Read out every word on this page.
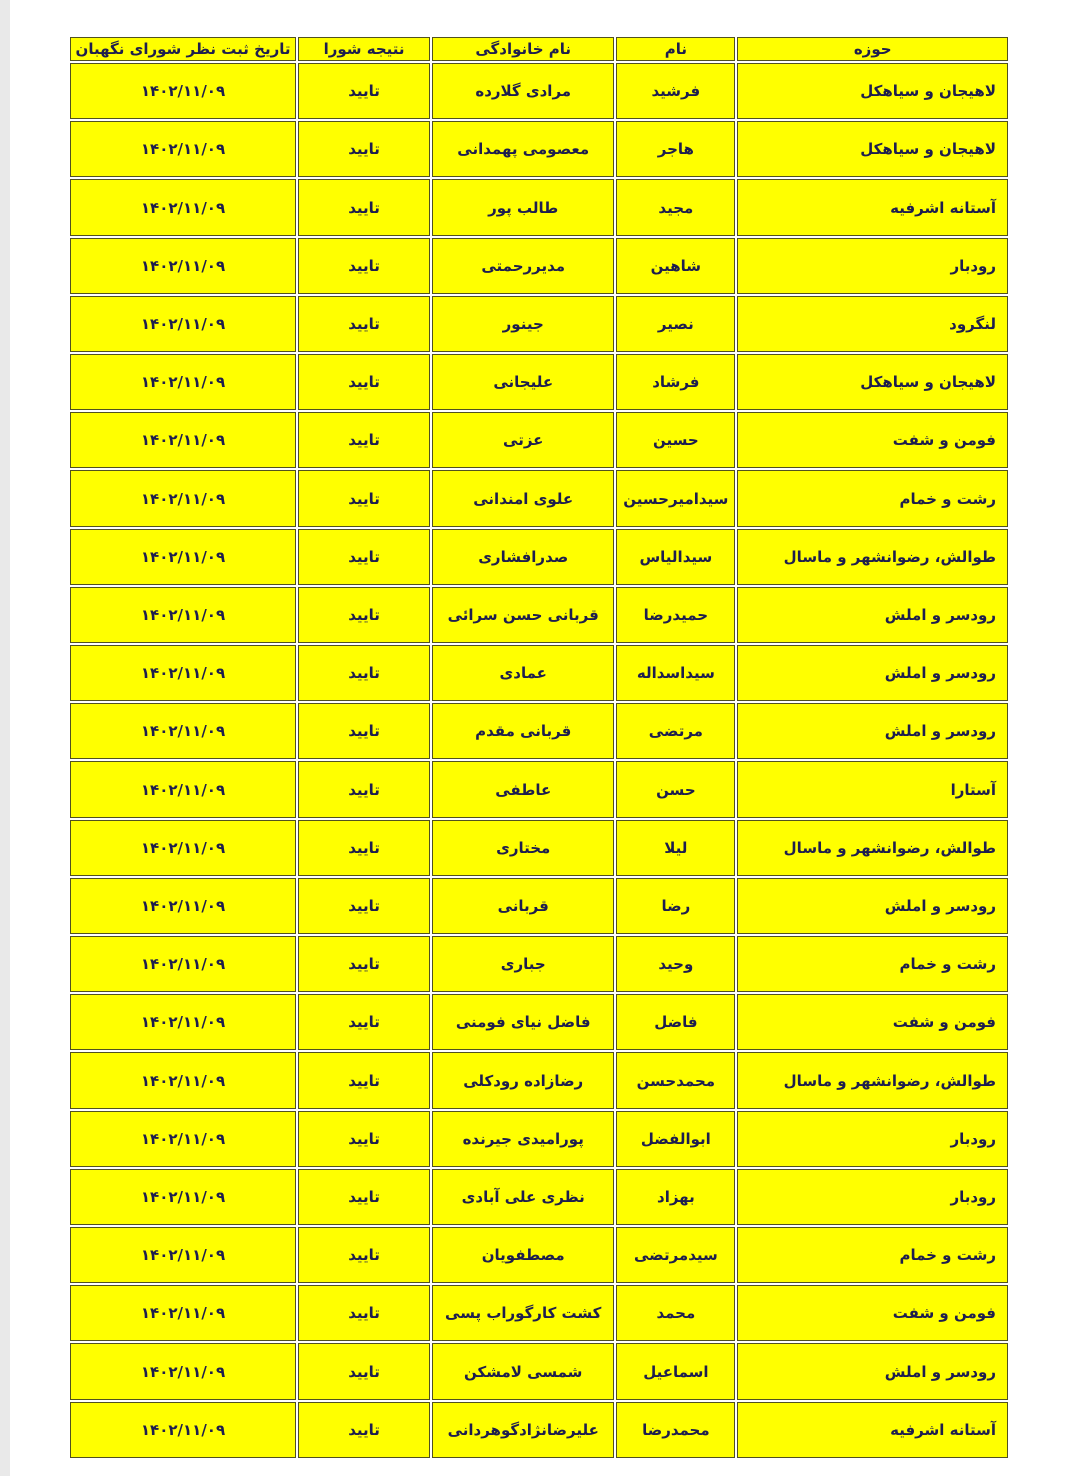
حوزه	نام	نام خانوادگی	نتیجه شورا	تاریخ ثبت نظر شورای نگهبان
لاهیجان و سیاهکل	فرشید	مرادی گلارده	تایید	۱۴۰۲/۱۱/۰۹
لاهیجان و سیاهکل	هاجر	معصومی پهمدانی	تایید	۱۴۰۲/۱۱/۰۹
آستانه اشرفیه	مجید	طالب پور	تایید	۱۴۰۲/۱۱/۰۹
رودبار	شاهین	مدیررحمتی	تایید	۱۴۰۲/۱۱/۰۹
لنگرود	نصیر	جینور	تایید	۱۴۰۲/۱۱/۰۹
لاهیجان و سیاهکل	فرشاد	علیجانی	تایید	۱۴۰۲/۱۱/۰۹
فومن و شفت	حسین	عزتی	تایید	۱۴۰۲/۱۱/۰۹
رشت و خمام	سیدامیرحسین	علوی امندانی	تایید	۱۴۰۲/۱۱/۰۹
طوالش، رضوانشهر و ماسال	سیدالیاس	صدرافشاری	تایید	۱۴۰۲/۱۱/۰۹
رودسر و املش	حمیدرضا	قربانی حسن سرائی	تایید	۱۴۰۲/۱۱/۰۹
رودسر و املش	سیداسداله	عمادی	تایید	۱۴۰۲/۱۱/۰۹
رودسر و املش	مرتضی	قربانی مقدم	تایید	۱۴۰۲/۱۱/۰۹
آستارا	حسن	عاطفی	تایید	۱۴۰۲/۱۱/۰۹
طوالش، رضوانشهر و ماسال	لیلا	مختاری	تایید	۱۴۰۲/۱۱/۰۹
رودسر و املش	رضا	قربانی	تایید	۱۴۰۲/۱۱/۰۹
رشت و خمام	وحید	جباری	تایید	۱۴۰۲/۱۱/۰۹
فومن و شفت	فاضل	فاضل نیای فومنی	تایید	۱۴۰۲/۱۱/۰۹
طوالش، رضوانشهر و ماسال	محمدحسن	رضازاده رودکلی	تایید	۱۴۰۲/۱۱/۰۹
رودبار	ابوالفضل	پورامیدی جیرنده	تایید	۱۴۰۲/۱۱/۰۹
رودبار	بهزاد	نظری علی آبادی	تایید	۱۴۰۲/۱۱/۰۹
رشت و خمام	سیدمرتضی	مصطفویان	تایید	۱۴۰۲/۱۱/۰۹
فومن و شفت	محمد	کشت کارگوراب پسی	تایید	۱۴۰۲/۱۱/۰۹
رودسر و املش	اسماعیل	شمسی لامشکن	تایید	۱۴۰۲/۱۱/۰۹
آستانه اشرفیه	محمدرضا	علیرضانژادگوهردانی	تایید	۱۴۰۲/۱۱/۰۹
